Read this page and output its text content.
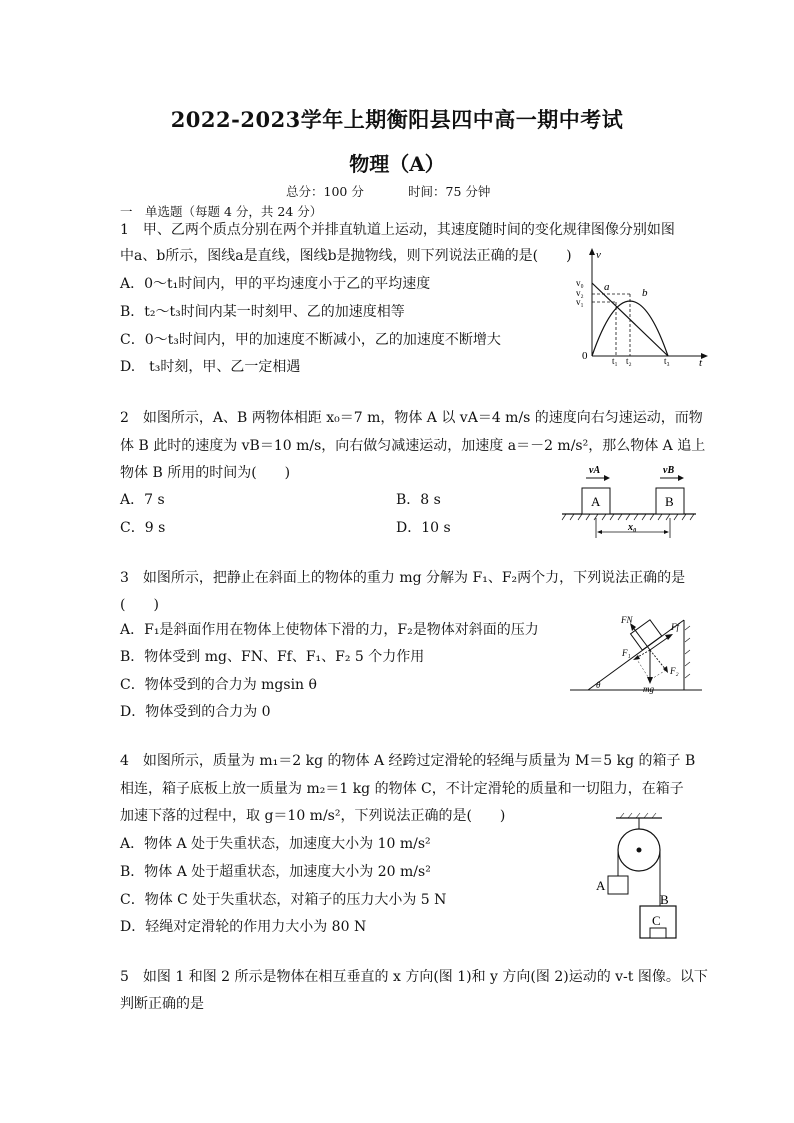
2022-2023学年上期衡阳县四中高一期中考试
物理（A）
总分：100 分	时间：75 分钟
一　单选题（每题 4 分，共 24 分）
1　甲、乙两个质点分别在两个并排直轨道上运动，其速度随时间的变化规律图像分别如图
中a、b所示，图线a是直线，图线b是抛物线，则下列说法正确的是(　　)
A．0～t₁时间内，甲的平均速度小于乙的平均速度
B．t₂～t₃时间内某一时刻甲、乙的加速度相等
C．0～t₃时间内，甲的加速度不断减小，乙的加速度不断增大
D.　t₃时刻，甲、乙一定相遇
v
t
v₀
v₂
v₁
a	b
0	t₁ t₂	t₃
2　如图所示，A、B 两物体相距 x₀＝7 m，物体 A 以 vA＝4 m/s 的速度向右匀速运动，而物
体 B 此时的速度为 vB＝10 m/s，向右做匀减速运动，加速度 a＝－2 m/s²，那么物体 A 追上
物体 B 所用的时间为(　　)
A．7 s	B．8 s
C．9 s	D．10 s
A	B
vA	vB
x₀
3　如图所示，把静止在斜面上的物体的重力 mg 分解为 F₁、F₂两个力，下列说法正确的是
(　　)
A．F₁是斜面作用在物体上使物体下滑的力，F₂是物体对斜面的压力
B．物体受到 mg、FN、Ff、F₁、F₂ 5 个力作用
C．物体受到的合力为 mgsin θ
D．物体受到的合力为 0
FN
Ff
F₁
F₂
mg
θ
4　如图所示，质量为 m₁＝2 kg 的物体 A 经跨过定滑轮的轻绳与质量为 M＝5 kg 的箱子 B
相连，箱子底板上放一质量为 m₂＝1 kg 的物体 C，不计定滑轮的质量和一切阻力，在箱子
加速下落的过程中，取 g＝10 m/s²，下列说法正确的是(　　)
A．物体 A 处于失重状态，加速度大小为 10 m/s²
B．物体 A 处于超重状态，加速度大小为 20 m/s²
C．物体 C 处于失重状态，对箱子的压力大小为 5 N
D．轻绳对定滑轮的作用力大小为 80 N
A
B
C
5　如图 1 和图 2 所示是物体在相互垂直的 x 方向(图 1)和 y 方向(图 2)运动的 v-t 图像。以下
判断正确的是
